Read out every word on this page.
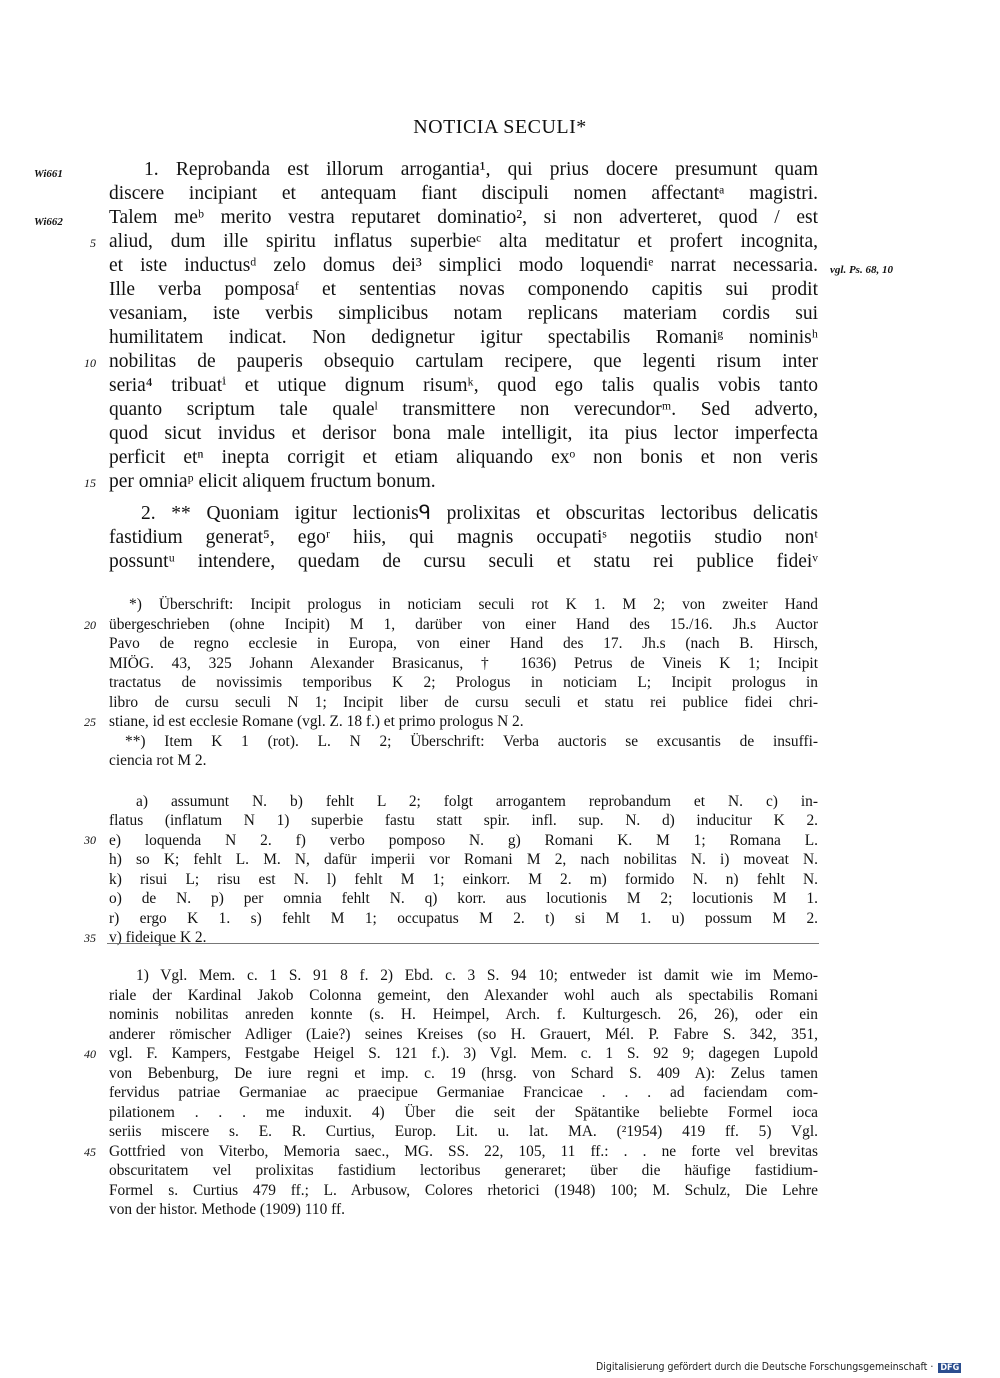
NOTICIA SECULI*
Wi661
Wi662
vgl. Ps. 68, 10
1. Reprobanda est illorum arrogantia¹, qui prius docere presumunt quam
discere incipiant et antequam fiant discipuli nomen affectantᵃ magistri.
Talem meᵇ merito vestra reputaret dominatio², si non adverteret, quod / est
aliud, dum ille spiritu inflatus superbieᶜ alta meditatur et profert incognita,
et iste inductusᵈ zelo domus dei³ simplici modo loquendiᵉ narrat necessaria.
Ille verba pomposaᶠ et sententias novas componendo capitis sui prodit
vesaniam, iste verbis simplicibus notam replicans materiam cordis sui
humilitatem indicat. Non dedignetur igitur spectabilis Romaniᵍ nominisʰ
nobilitas de pauperis obsequio cartulam recipere, que legenti risum inter
seria⁴ tribuatⁱ et utique dignum risumᵏ, quod ego talis qualis vobis tanto
quanto scriptum tale qualeˡ transmittere non verecundorᵐ. Sed adverto,
quod sicut invidus et derisor bona male intelligit, ita pius lector imperfecta
perficit etⁿ inepta corrigit et etiam aliquando exᵒ non bonis et non veris
per omniaᵖ elicit aliquem fructum bonum.
2. ** Quoniam igitur lectionisᑫ prolixitas et obscuritas lectoribus delicatis
fastidium generat⁵, egoʳ hiis, qui magnis occupatiˢ negotiis studio nonᵗ
possuntᵘ intendere, quedam de cursu seculi et statu rei publice fideiᵛ
*) Überschrift: Incipit prologus in noticiam seculi rot K 1. M 2; von zweiter Hand
übergeschrieben (ohne Incipit) M 1, darüber von einer Hand des 15./16. Jh.s Auctor
Pavo de regno ecclesie in Europa, von einer Hand des 17. Jh.s (nach B. Hirsch,
MIÖG. 43, 325 Johann Alexander Brasicanus, † 1636) Petrus de Vineis K 1; Incipit
tractatus de novissimis temporibus K 2; Prologus in noticiam L; Incipit prologus in
libro de cursu seculi N 1; Incipit liber de cursu seculi et statu rei publice fidei chri-
stiane, id est ecclesie Romane (vgl. Z. 18 f.) et primo prologus N 2.
**) Item K 1 (rot). L. N 2; Überschrift: Verba auctoris se excusantis de insuffi-
ciencia rot M 2.
a) assumunt N. b) fehlt L 2; folgt arrogantem reprobandum et N. c) in-
flatus (inflatum N 1) superbie fastu statt spir. infl. sup. N. d) inducitur K 2.
e) loquenda N 2. f) verbo pomposo N. g) Romani K. M 1; Romana L.
h) so K; fehlt L. M. N, dafür imperii vor Romani M 2, nach nobilitas N. i) moveat N.
k) risui L; risu est N. l) fehlt M 1; einkorr. M 2. m) formido N. n) fehlt N.
o) de N. p) per omnia fehlt N. q) korr. aus locutionis M 2; locutionis M 1.
r) ergo K 1. s) fehlt M 1; occupatus M 2. t) si M 1. u) possum M 2.
v) fideique K 2.
1) Vgl. Mem. c. 1 S. 91 8 f. 2) Ebd. c. 3 S. 94 10; entweder ist damit wie im Memo-
riale der Kardinal Jakob Colonna gemeint, den Alexander wohl auch als spectabilis Romani
nominis nobilitas anreden konnte (s. H. Heimpel, Arch. f. Kulturgesch. 26, 26), oder ein
anderer römischer Adliger (Laie?) seines Kreises (so H. Grauert, Mél. P. Fabre S. 342, 351,
vgl. F. Kampers, Festgabe Heigel S. 121 f.). 3) Vgl. Mem. c. 1 S. 92 9; dagegen Lupold
von Bebenburg, De iure regni et imp. c. 19 (hrsg. von Schard S. 409 A): Zelus tamen
fervidus patriae Germaniae ac praecipue Germaniae Francicae . . . ad faciendam com-
pilationem . . . me induxit. 4) Über die seit der Spätantike beliebte Formel ioca
seriis miscere s. E. R. Curtius, Europ. Lit. u. lat. MA. (²1954) 419 ff. 5) Vgl.
Gottfried von Viterbo, Memoria saec., MG. SS. 22, 105, 11 ff.: . . ne forte vel brevitas
obscuritatem vel prolixitas fastidium lectoribus generaret; über die häufige fastidium-
Formel s. Curtius 479 ff.; L. Arbusow, Colores rhetorici (1948) 100; M. Schulz, Die Lehre
von der histor. Methode (1909) 110 ff.
5
10
15
20
25
30
35
40
45
Digitalisierung gefördert durch die Deutsche Forschungsgemeinschaft · DFG
